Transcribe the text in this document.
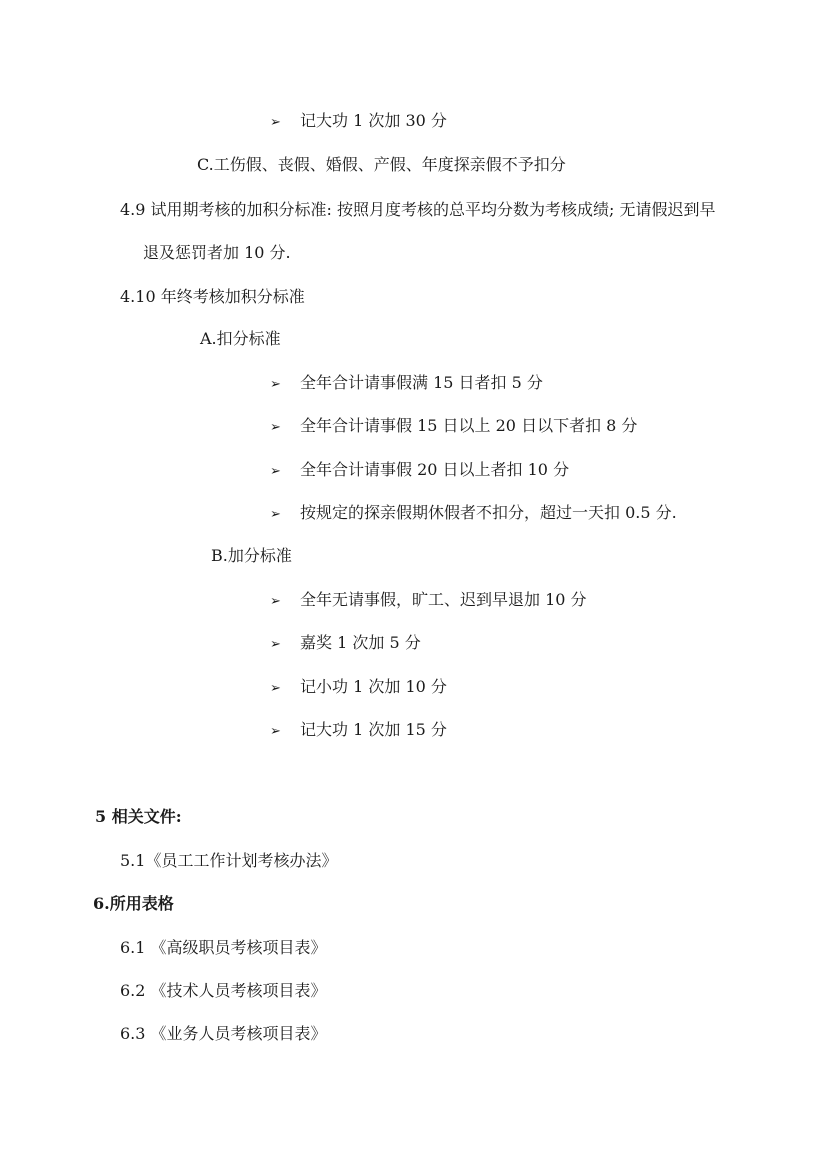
➢ 记大功 1 次加 30 分
C.工伤假、丧假、婚假、产假、年度探亲假不予扣分
4.9 试用期考核的加积分标准: 按照月度考核的总平均分数为考核成绩; 无请假迟到早
退及惩罚者加 10 分.
4.10 年终考核加积分标准
A.扣分标准
➢ 全年合计请事假满 15 日者扣 5 分
➢ 全年合计请事假 15 日以上 20 日以下者扣 8 分
➢ 全年合计请事假 20 日以上者扣 10 分
➢ 按规定的探亲假期休假者不扣分，超过一天扣 0.5 分.
B.加分标准
➢ 全年无请事假，旷工、迟到早退加 10 分
➢ 嘉奖 1 次加 5 分
➢ 记小功 1 次加 10 分
➢ 记大功 1 次加 15 分
5 相关文件:
5.1《员工工作计划考核办法》
6.所用表格
6.1 《高级职员考核项目表》
6.2 《技术人员考核项目表》
6.3 《业务人员考核项目表》
